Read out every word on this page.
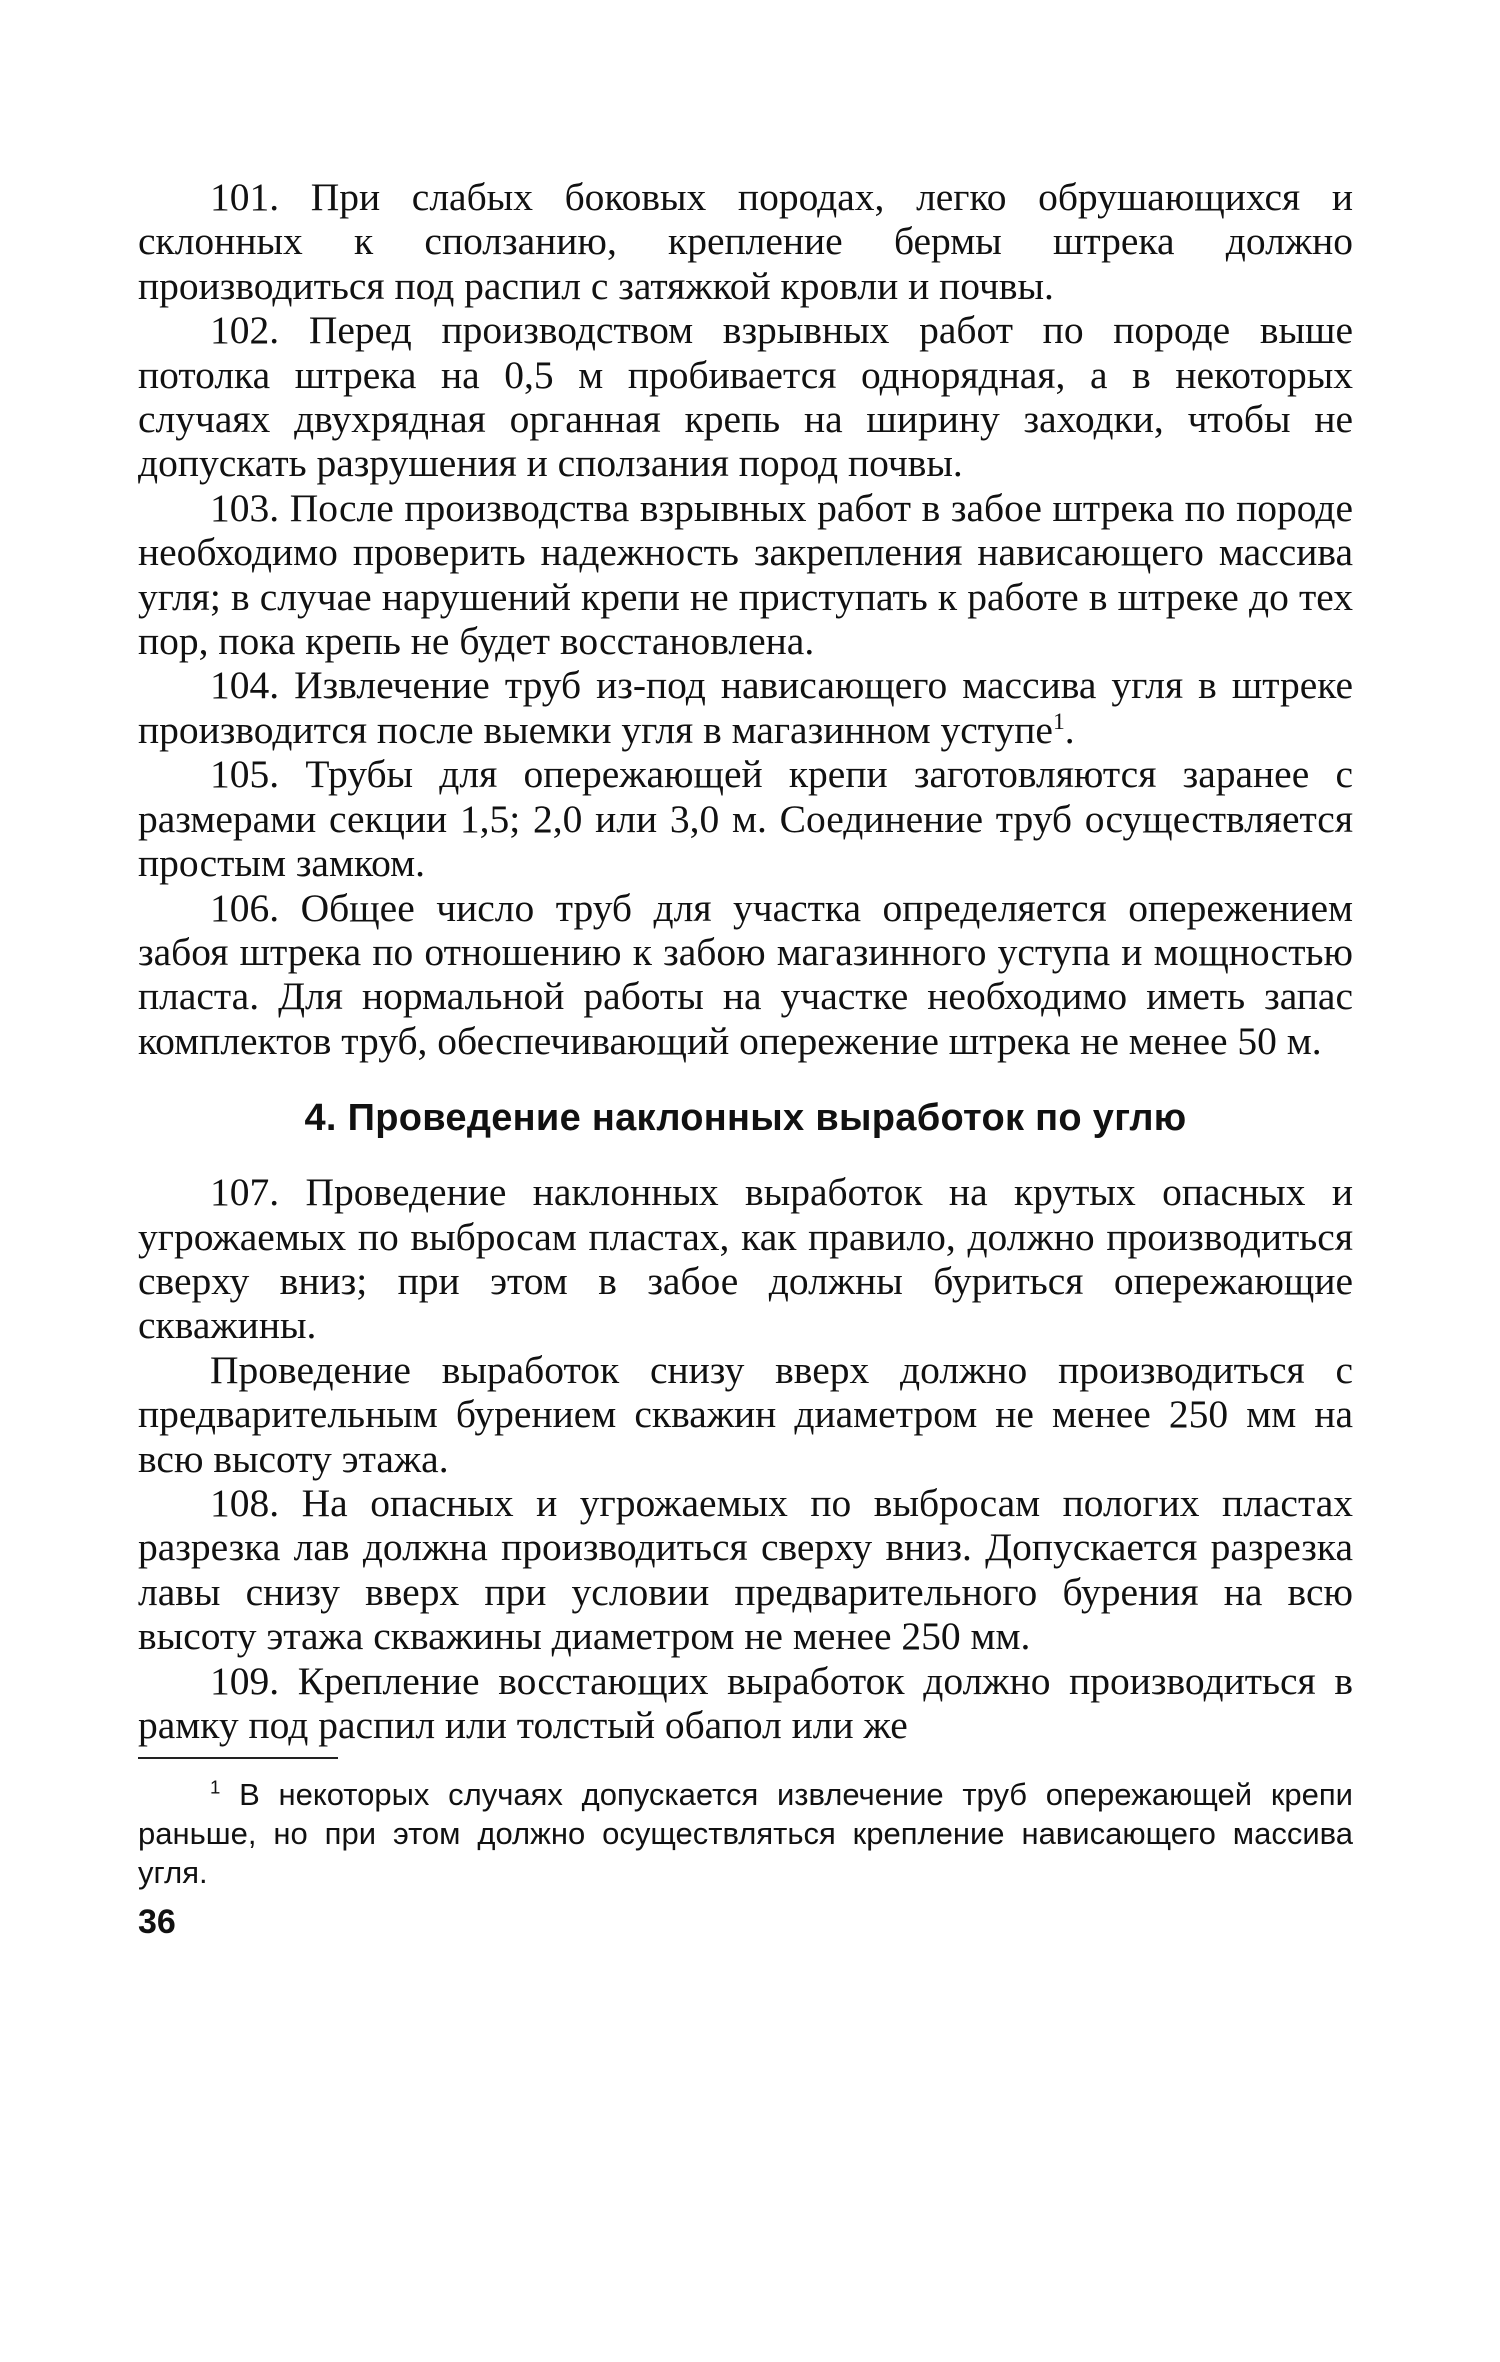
101. При слабых боковых породах, легко обрушающихся и склонных к сползанию, крепление бермы штрека должно производиться под распил с затяжкой кровли и почвы.

102. Перед производством взрывных работ по породе выше потолка штрека на 0,5 м пробивается однорядная, а в некоторых случаях двухрядная органная крепь на ширину заходки, чтобы не допускать разрушения и сползания пород почвы.

103. После производства взрывных работ в забое штрека по породе необходимо проверить надежность закрепления нависающего массива угля; в случае нарушений крепи не приступать к работе в штреке до тех пор, пока крепь не будет восстановлена.

104. Извлечение труб из-под нависающего массива угля в штреке производится после выемки угля в магазинном уступе$^1$.

105. Трубы для опережающей крепи заготовляются заранее с размерами секции 1,5; 2,0 или 3,0 м. Соединение труб осуществляется простым замком.

106. Общее число труб для участка определяется опережением забоя штрека по отношению к забою магазинного уступа и мощностью пласта. Для нормальной работы на участке необходимо иметь запас комплектов труб, обеспечивающий опережение штрека не менее 50 м.

4. Проведение наклонных выработок по углю

107. Проведение наклонных выработок на крутых опасных и угрожаемых по выбросам пластах, как правило, должно производиться сверху вниз; при этом в забое должны буриться опережающие скважины.

Проведение выработок снизу вверх должно производиться с предварительным бурением скважин диаметром не менее 250 мм на всю высоту этажа.

108. На опасных и угрожаемых по выбросам пологих пластах разрезка лав должна производиться сверху вниз. Допускается разрезка лавы снизу вверх при условии предварительного бурения на всю высоту этажа скважины диаметром не менее 250 мм.

109. Крепление восстающих выработок должно производиться в рамку под распил или толстый обапол или же

$^1$ В некоторых случаях допускается извлечение труб опережающей крепи раньше, но при этом должно осуществляться крепление нависающего массива угля.

36
